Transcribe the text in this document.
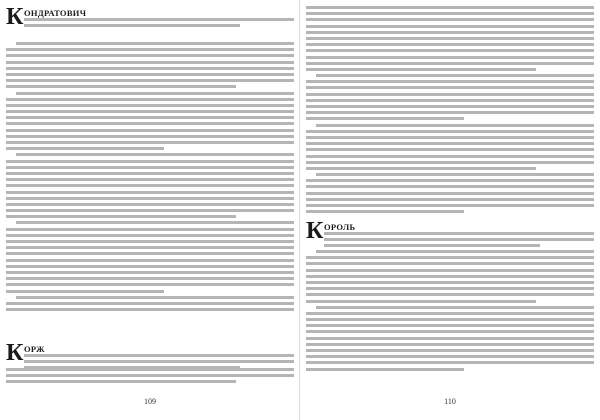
К ОНДРАТОВИЧ
К ОРЖ
109
К ОРОЛЬ
110
